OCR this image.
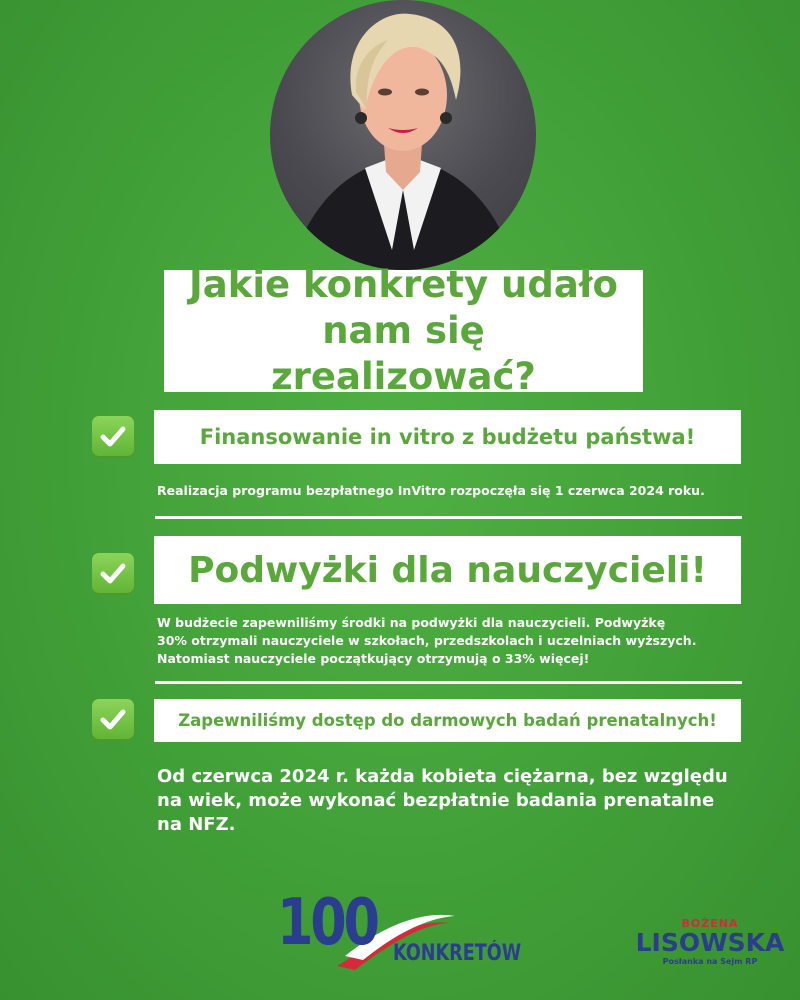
Jakie konkrety udało nam się zrealizować?
Finansowanie in vitro z budżetu państwa!
Realizacja programu bezpłatnego InVitro rozpoczęła się 1 czerwca 2024 roku.
Podwyżki dla nauczycieli!
W budżecie zapewniliśmy środki na podwyżki dla nauczycieli. Podwyżkę
30% otrzymali nauczyciele w szkołach, przedszkolach i uczelniach wyższych.
Natomiast nauczyciele początkujący otrzymują o 33% więcej!
Zapewniliśmy dostęp do darmowych badań prenatalnych!
Od czerwca 2024 r. każda kobieta ciężarna, bez względu
na wiek, może wykonać bezpłatnie badania prenatalne
na NFZ.
100 KONKRETÓW
BOŻENA
LISOWSKA
Posłanka na Sejm RP
